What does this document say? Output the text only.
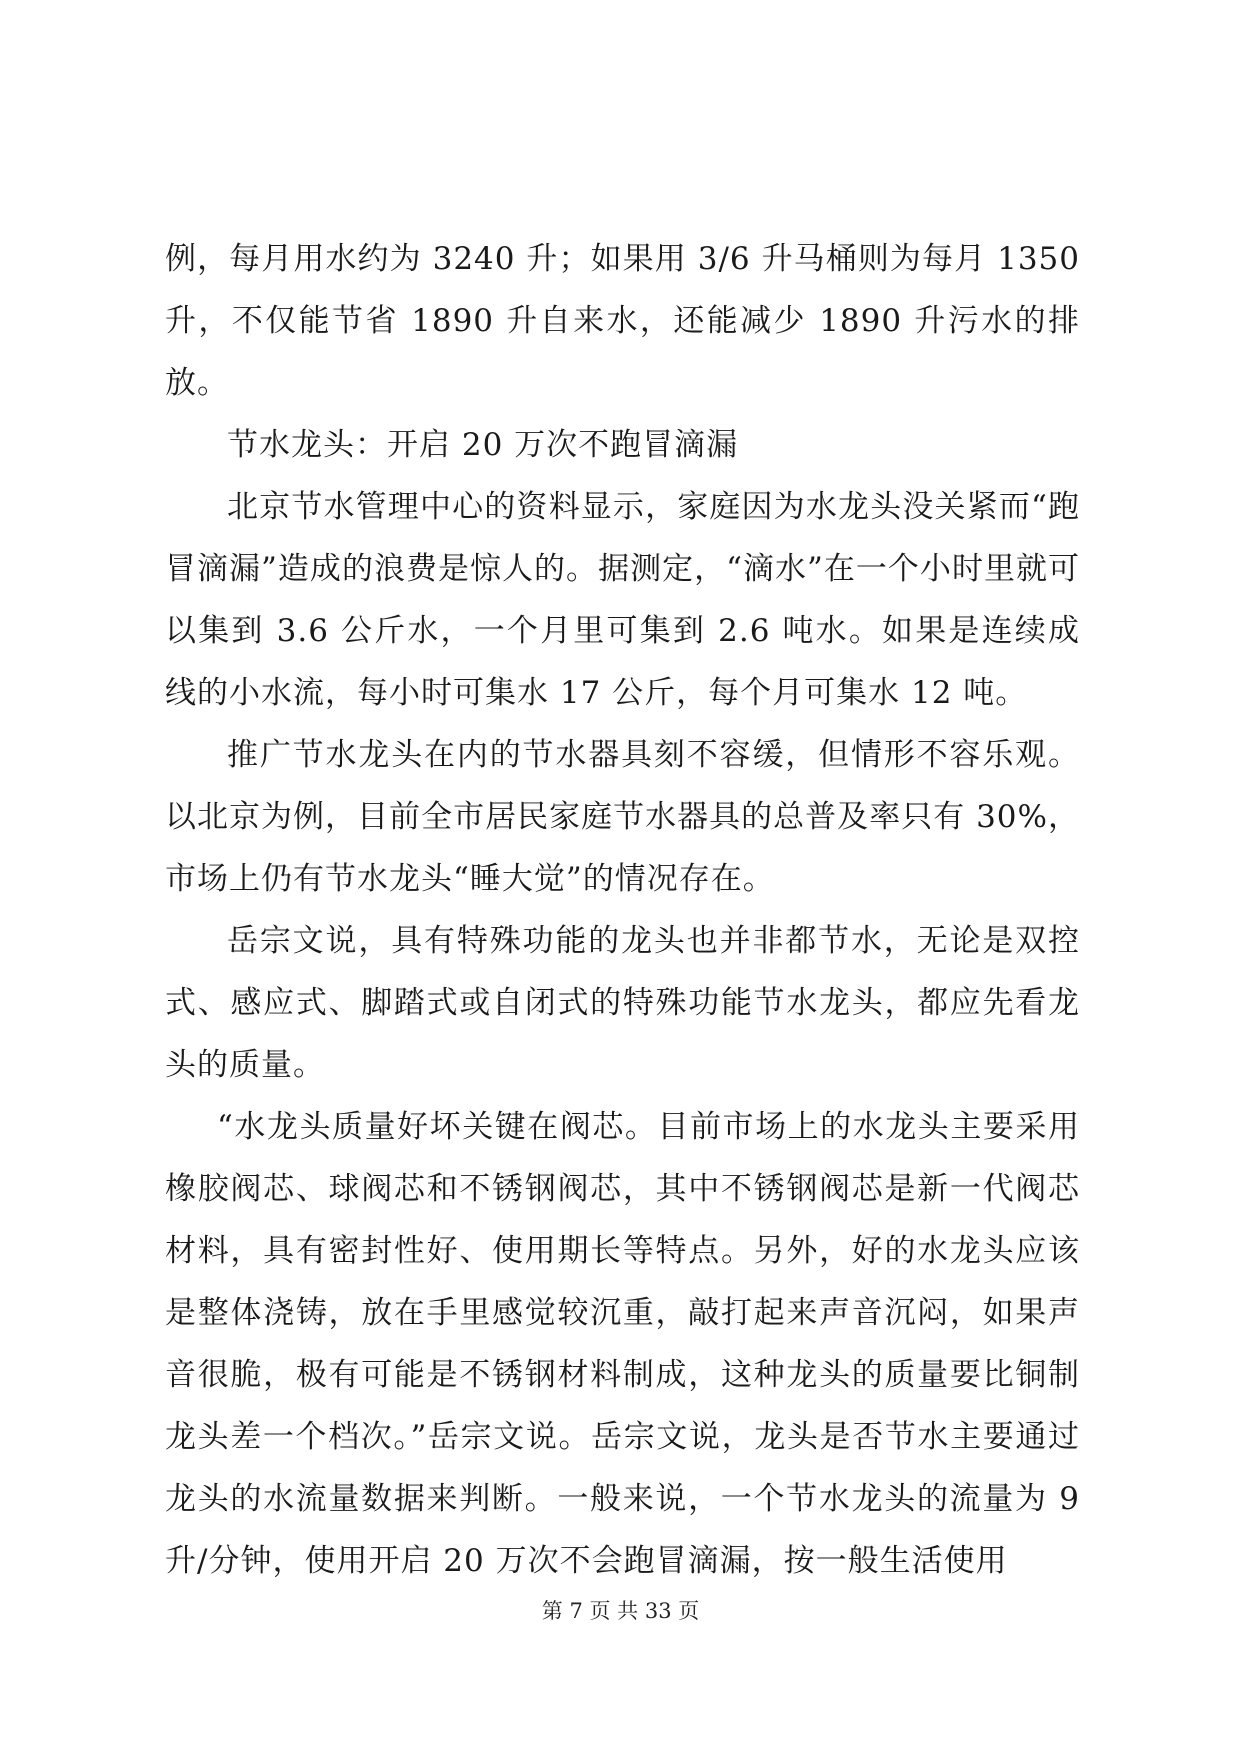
例，每月用水约为 3240 升；如果用 3/6 升马桶则为每月 1350 升，不仅能节省 1890 升自来水，还能减少 1890 升污水的排放。

节水龙头：开启 20 万次不跑冒滴漏

北京节水管理中心的资料显示，家庭因为水龙头没关紧而“跑冒滴漏”造成的浪费是惊人的。据测定，“滴水”在一个小时里就可以集到 3.6 公斤水，一个月里可集到 2.6 吨水。如果是连续成线的小水流，每小时可集水 17 公斤，每个月可集水 12 吨。

推广节水龙头在内的节水器具刻不容缓，但情形不容乐观。以北京为例，目前全市居民家庭节水器具的总普及率只有 30%，市场上仍有节水龙头“睡大觉”的情况存在。

岳宗文说，具有特殊功能的龙头也并非都节水，无论是双控式、感应式、脚踏式或自闭式的特殊功能节水龙头，都应先看龙头的质量。

“水龙头质量好坏关键在阀芯。目前市场上的水龙头主要采用橡胶阀芯、球阀芯和不锈钢阀芯，其中不锈钢阀芯是新一代阀芯材料，具有密封性好、使用期长等特点。另外，好的水龙头应该是整体浇铸，放在手里感觉较沉重，敲打起来声音沉闷，如果声音很脆，极有可能是不锈钢材料制成，这种龙头的质量要比铜制龙头差一个档次。”岳宗文说。岳宗文说，龙头是否节水主要通过龙头的水流量数据来判断。一般来说，一个节水龙头的流量为 9 升/分钟，使用开启 20 万次不会跑冒滴漏，按一般生活使用

第 7 页 共 33 页
